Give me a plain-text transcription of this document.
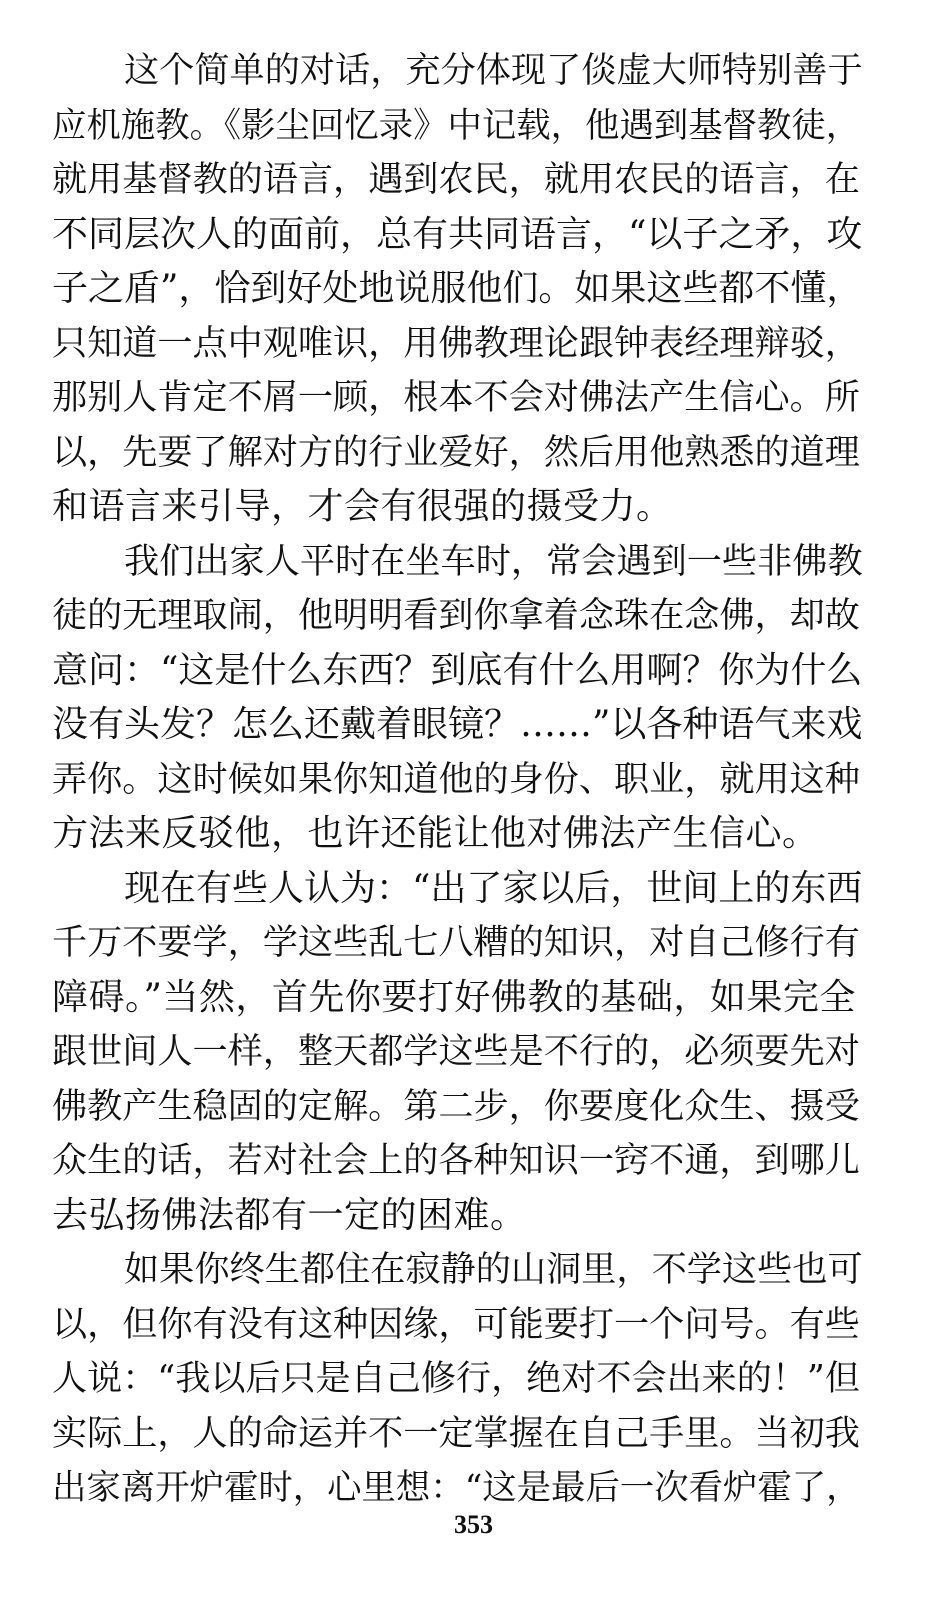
这个简单的对话，充分体现了倓虚大师特别善于
应机施教。《影尘回忆录》中记载，他遇到基督教徒，
就用基督教的语言，遇到农民，就用农民的语言，在
不同层次人的面前，总有共同语言，“以子之矛，攻
子之盾”，恰到好处地说服他们。如果这些都不懂，
只知道一点中观唯识，用佛教理论跟钟表经理辩驳，
那别人肯定不屑一顾，根本不会对佛法产生信心。所
以，先要了解对方的行业爱好，然后用他熟悉的道理
和语言来引导，才会有很强的摄受力。
我们出家人平时在坐车时，常会遇到一些非佛教
徒的无理取闹，他明明看到你拿着念珠在念佛，却故
意问：“这是什么东西？到底有什么用啊？你为什么
没有头发？怎么还戴着眼镜？……”以各种语气来戏
弄你。这时候如果你知道他的身份、职业，就用这种
方法来反驳他，也许还能让他对佛法产生信心。
现在有些人认为：“出了家以后，世间上的东西
千万不要学，学这些乱七八糟的知识，对自己修行有
障碍。”当然，首先你要打好佛教的基础，如果完全
跟世间人一样，整天都学这些是不行的，必须要先对
佛教产生稳固的定解。第二步，你要度化众生、摄受
众生的话，若对社会上的各种知识一窍不通，到哪儿
去弘扬佛法都有一定的困难。
如果你终生都住在寂静的山洞里，不学这些也可
以，但你有没有这种因缘，可能要打一个问号。有些
人说：“我以后只是自己修行，绝对不会出来的！”但
实际上，人的命运并不一定掌握在自己手里。当初我
出家离开炉霍时，心里想：“这是最后一次看炉霍了，
353
